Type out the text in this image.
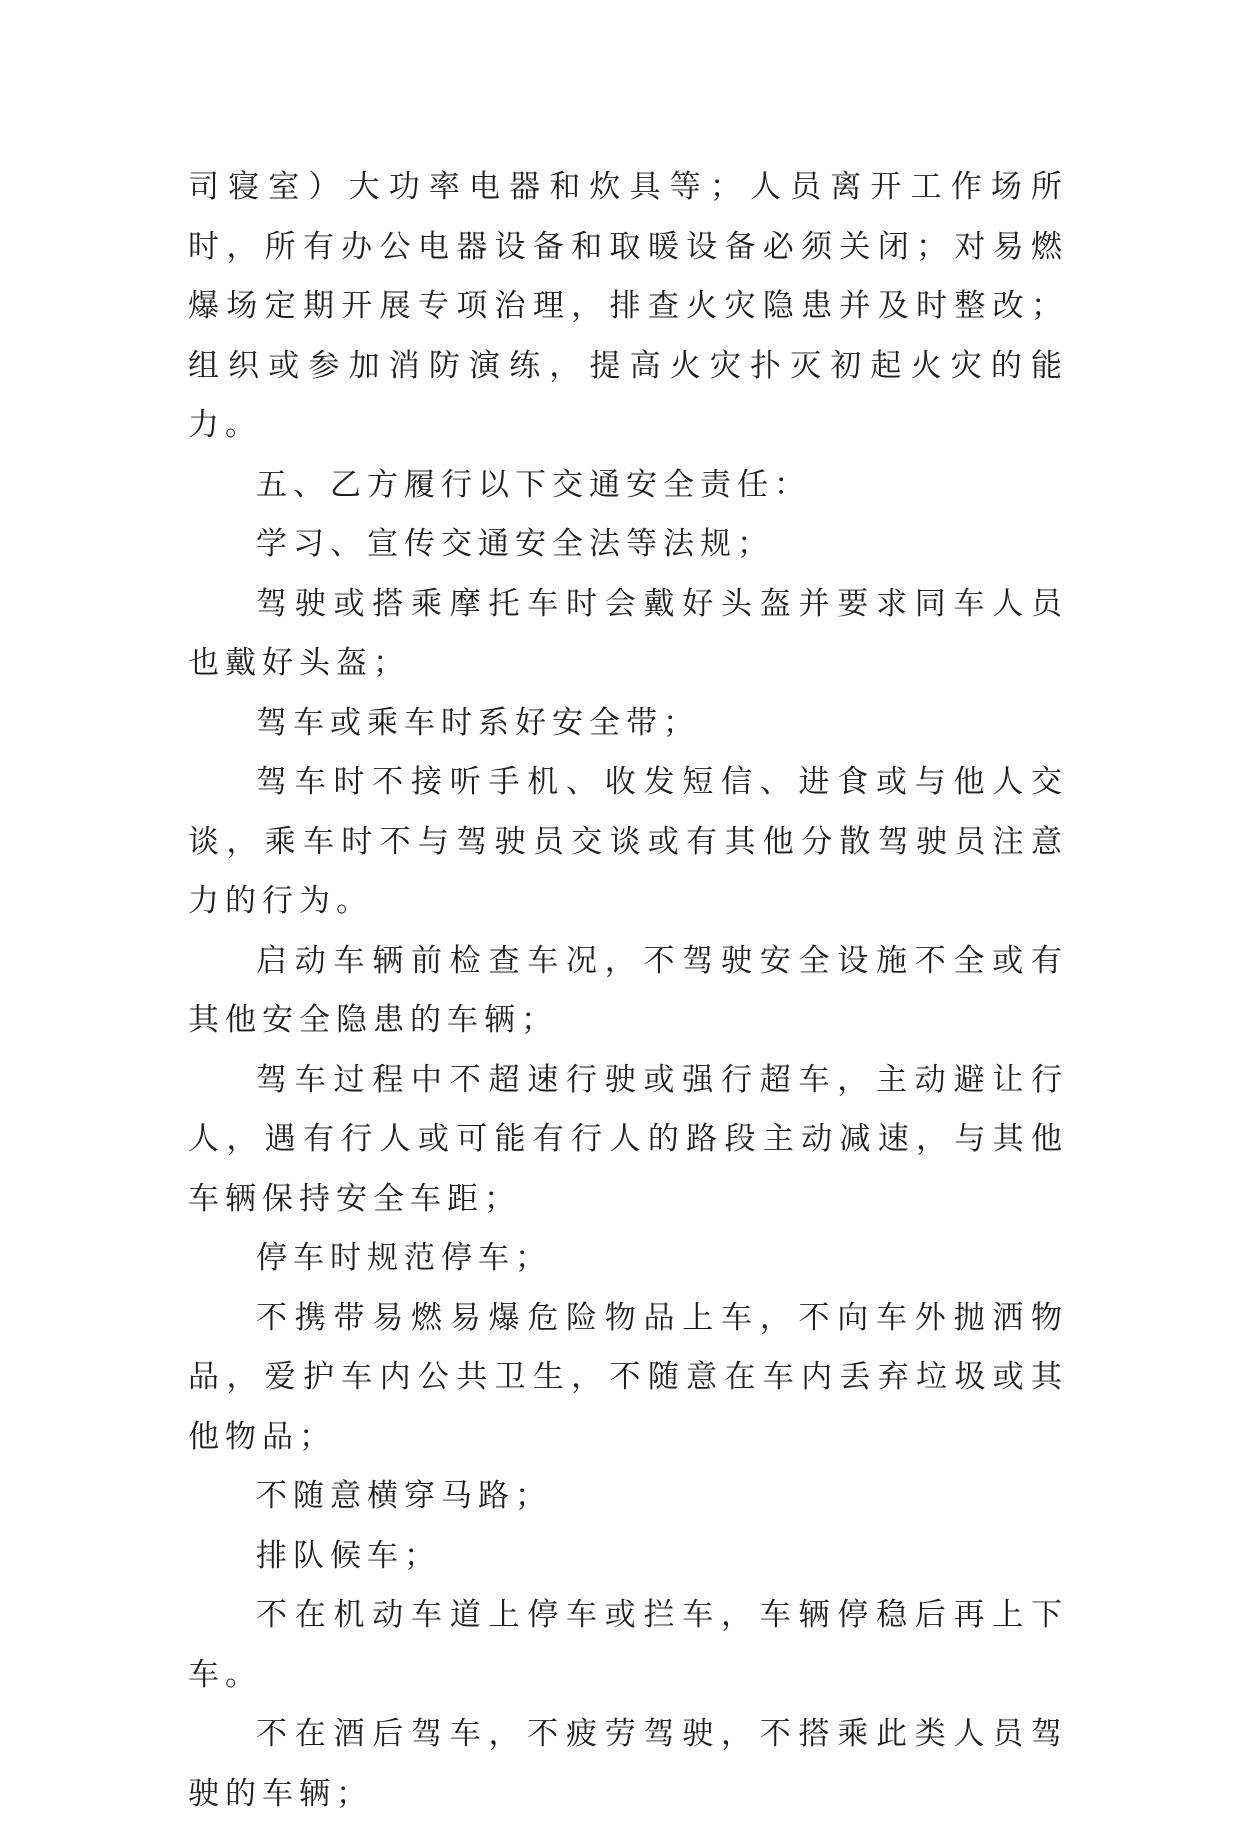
司寝室）大功率电器和炊具等；人员离开工作场所时，所有办公电器设备和取暖设备必须关闭；对易燃爆场定期开展专项治理，排查火灾隐患并及时整改；组织或参加消防演练，提高火灾扑灭初起火灾的能力。

五、乙方履行以下交通安全责任：

学习、宣传交通安全法等法规；

驾驶或搭乘摩托车时会戴好头盔并要求同车人员也戴好头盔；

驾车或乘车时系好安全带；

驾车时不接听手机、收发短信、进食或与他人交谈，乘车时不与驾驶员交谈或有其他分散驾驶员注意力的行为。

启动车辆前检查车况，不驾驶安全设施不全或有其他安全隐患的车辆；

驾车过程中不超速行驶或强行超车，主动避让行人，遇有行人或可能有行人的路段主动减速，与其他车辆保持安全车距；

停车时规范停车；

不携带易燃易爆危险物品上车，不向车外抛洒物品，爱护车内公共卫生，不随意在车内丢弃垃圾或其他物品；

不随意横穿马路；

排队候车；

不在机动车道上停车或拦车，车辆停稳后再上下车。

不在酒后驾车，不疲劳驾驶，不搭乘此类人员驾驶的车辆；
